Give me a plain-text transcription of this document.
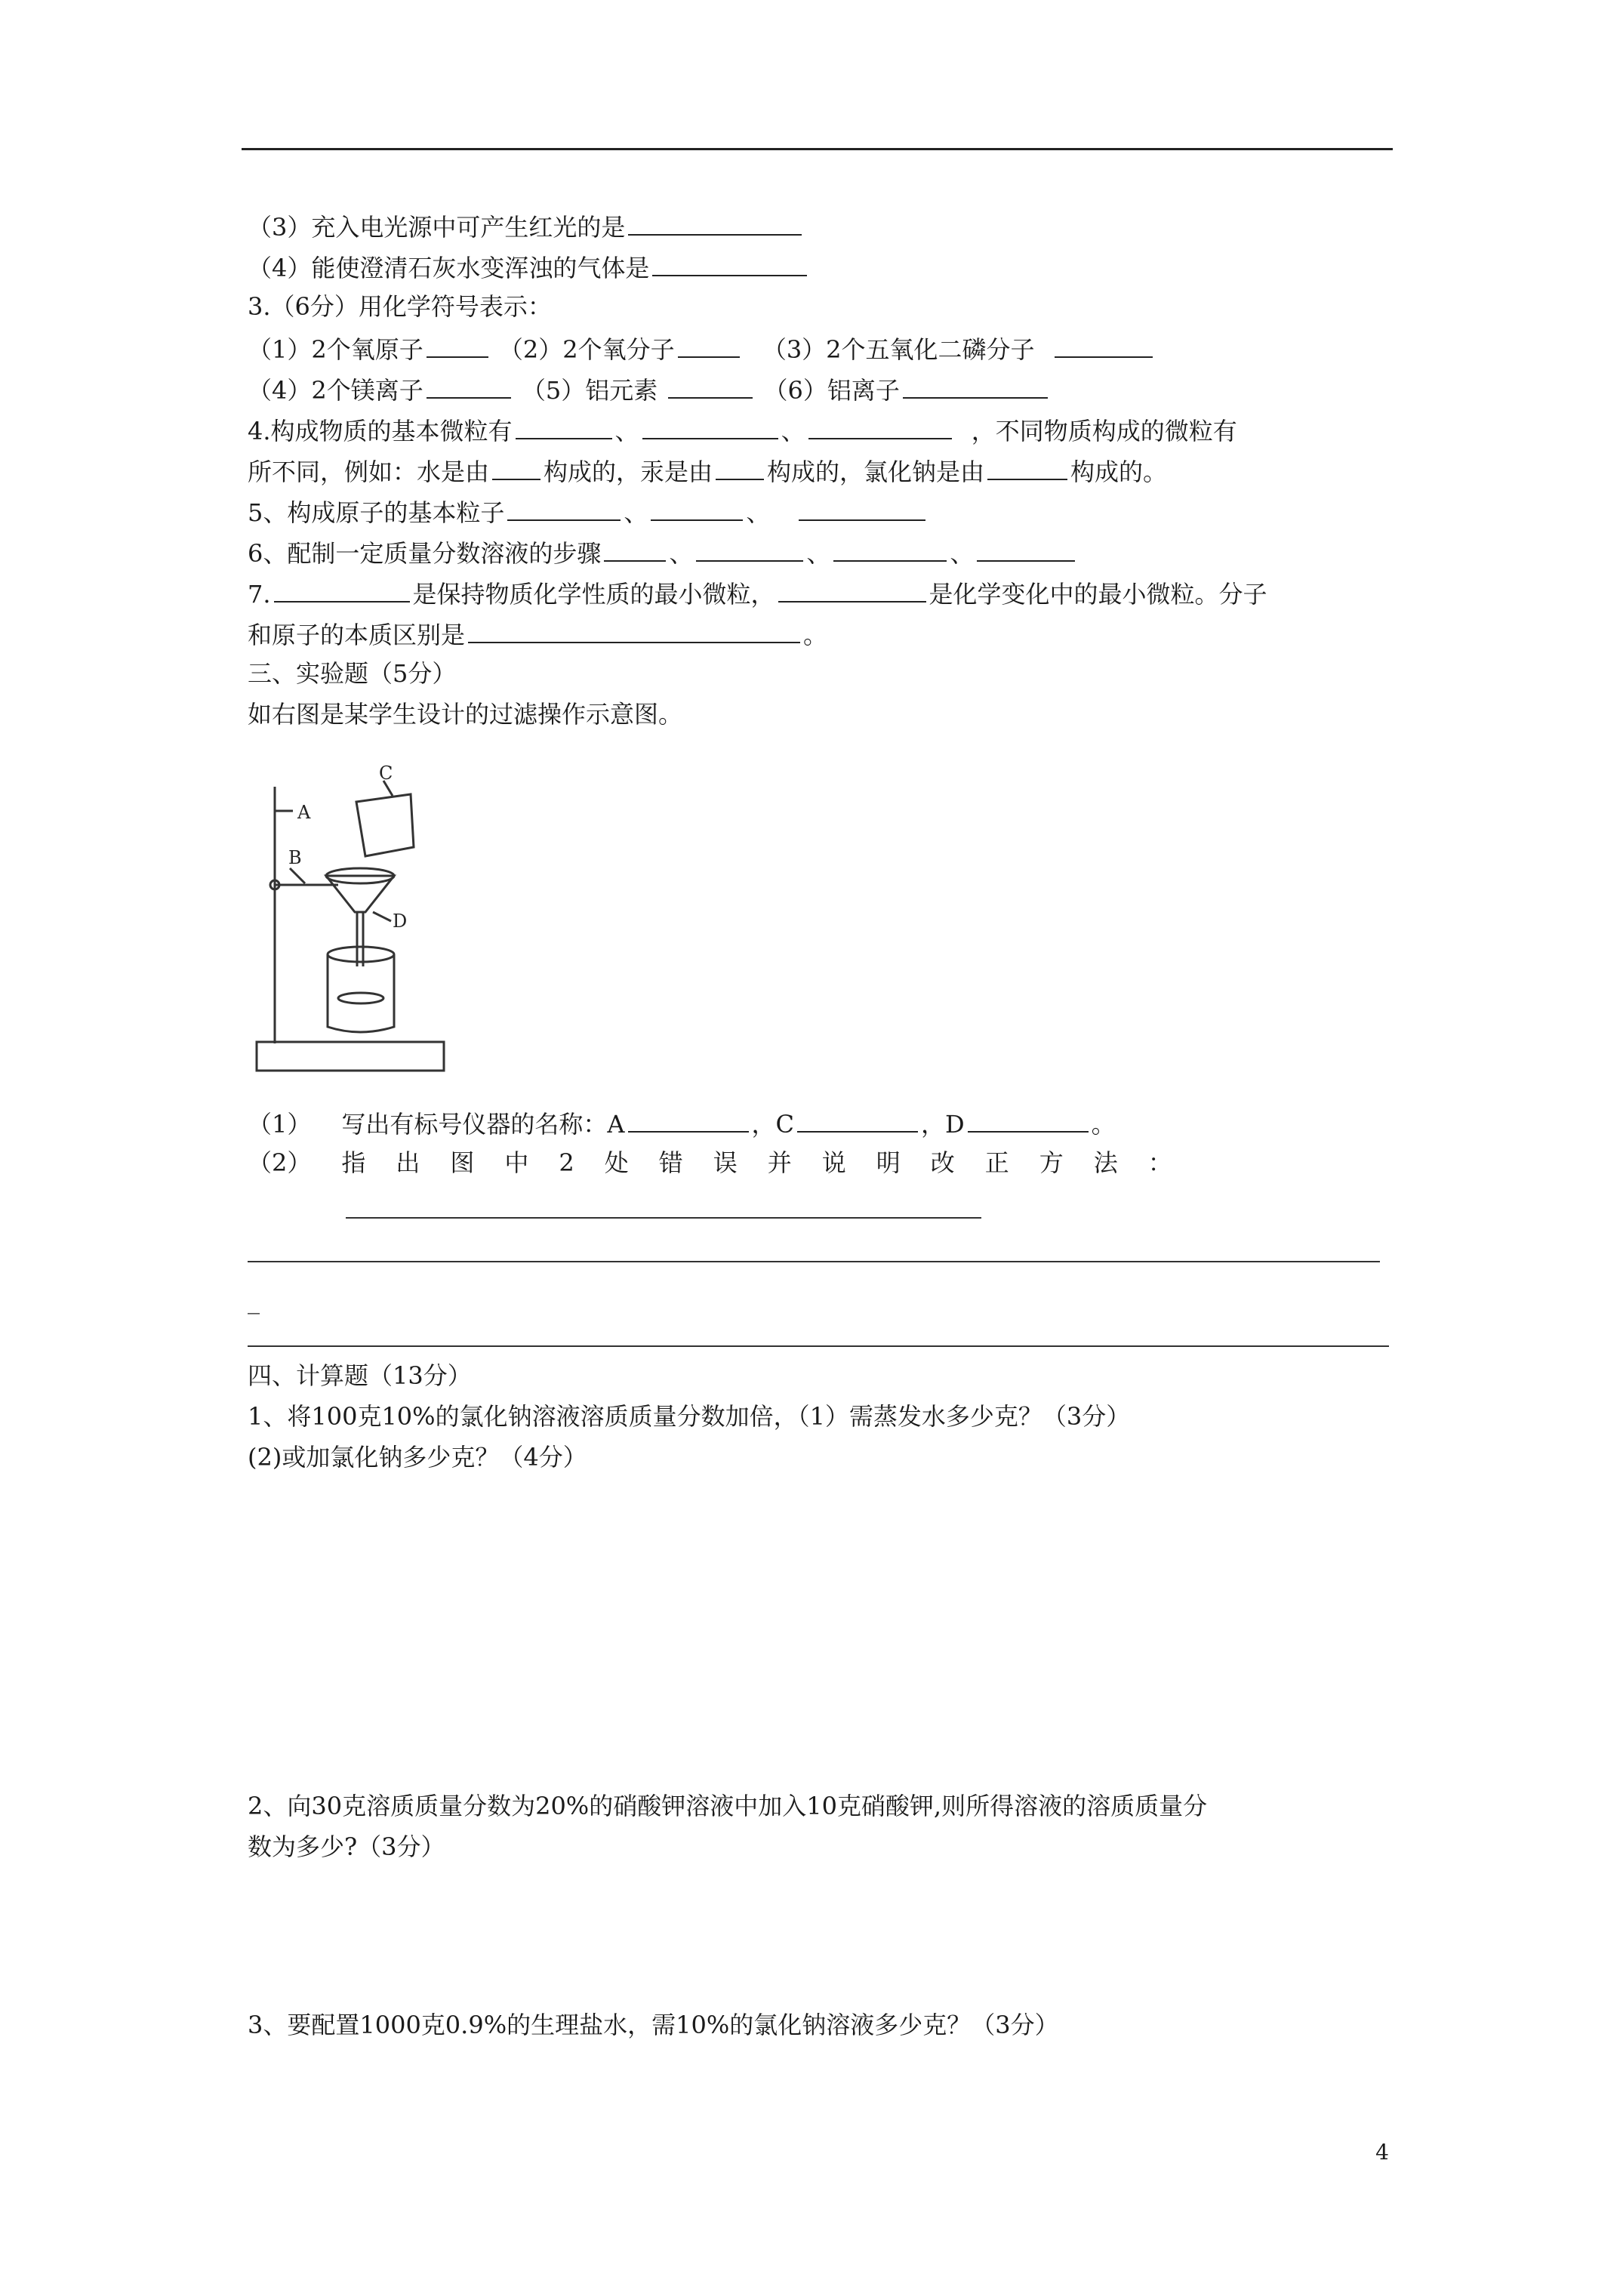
（3）充入电光源中可产生红光的是
（4）能使澄清石灰水变浑浊的气体是
3.（6分）用化学符号表示：
（1）2个氧原子	（2）2个氧分子	（3）2个五氧化二磷分子
（4）2个镁离子	（5）铝元素	（6）铝离子
4.构成物质的基本微粒有	、	、	，不同物质构成的微粒有
所不同，例如：水是由 构成的，汞是由 构成的，氯化钠是由	构成的。
5、构成原子的基本粒子	、	、
6、配制一定质量分数溶液的步骤	、	、	、
7.	是保持物质化学性质的最小微粒，	是化学变化中的最小微粒。分子
和原子的本质区别是	。
三、实验题（5分）
如右图是某学生设计的过滤操作示意图。
A
B
C
D
（1） 写出有标号仪器的名称：A	，C	，D	。
（2） 指出图中2处错误并说明改正方法：
_
四、计算题（13分）
1、将100克10%的氯化钠溶液溶质质量分数加倍，（1）需蒸发水多少克？（3分）
(2)或加氯化钠多少克？（4分）
2、向30克溶质质量分数为20%的硝酸钾溶液中加入10克硝酸钾,则所得溶液的溶质质量分
数为多少?（3分）
3、要配置1000克0.9%的生理盐水，需10%的氯化钠溶液多少克？（3分）
4
